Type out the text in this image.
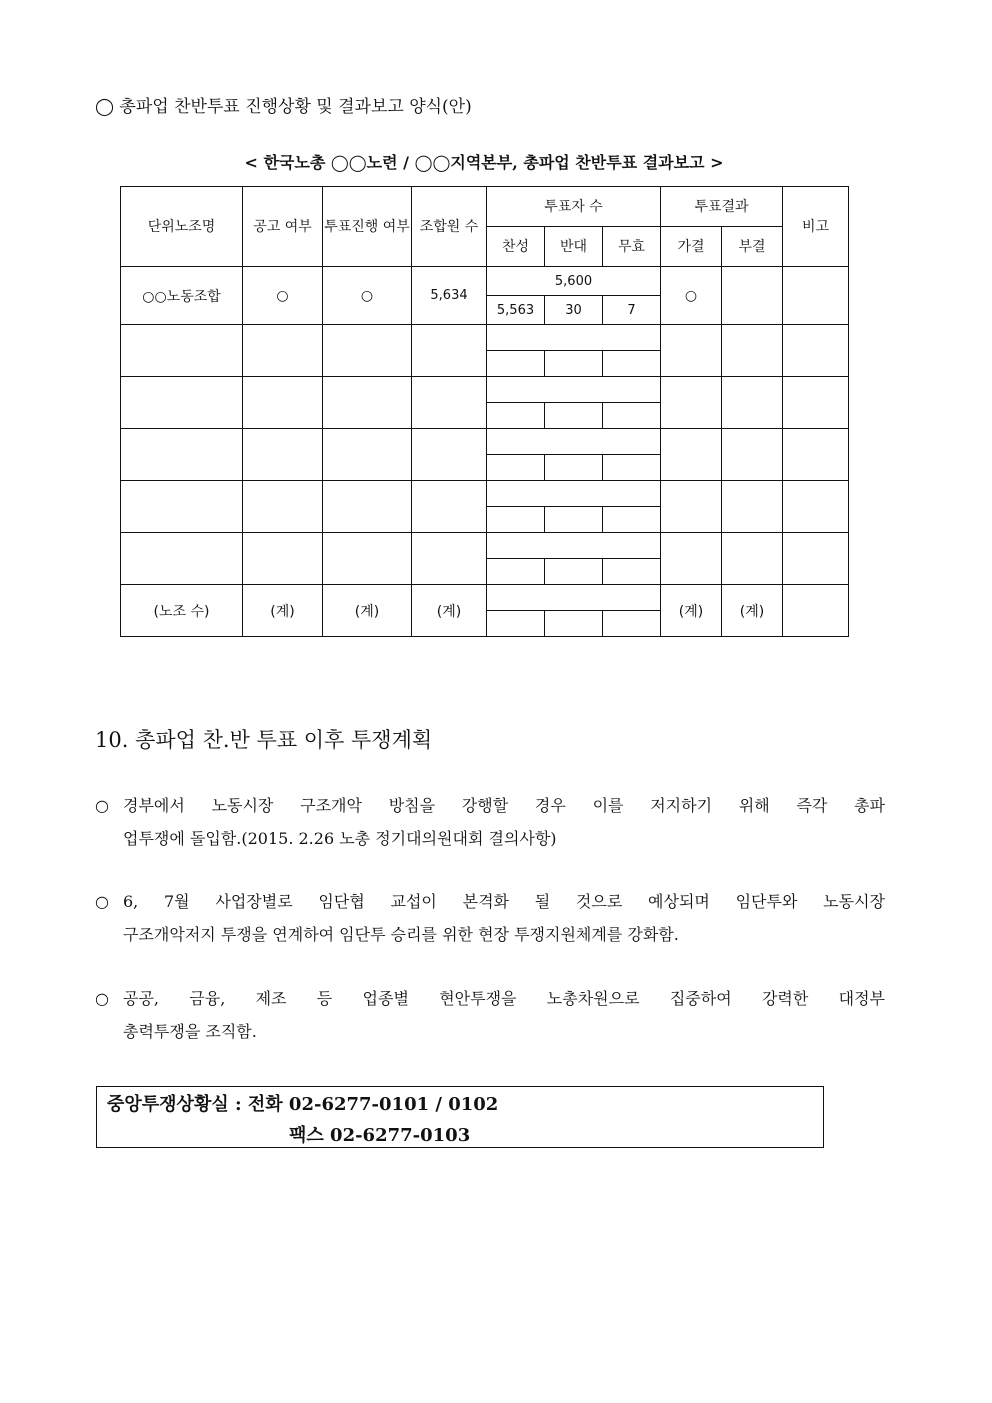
◯ 총파업 찬반투표 진행상황 및 결과보고 양식(안)
< 한국노총 ◯◯노련 / ◯◯지역본부, 총파업 찬반투표 결과보고 >
단위노조명	공고 여부	투표진행 여부	조합원 수	투표자 수			투표결과		비고
				찬성	반대	무효	가결	부결	
○○노동조합	○	○	5,634	5,600			○		
				5,563	30	7			

(노조 수)	(계)	(계)	(계)				(계)	(계)	

10. 총파업 찬.반 투표 이후 투쟁계획
○ 경부에서 노동시장 구조개악 방침을 강행할 경우 이를 저지하기 위해 즉각 총파
업투쟁에 돌입함.(2015. 2.26 노총 정기대의원대회 결의사항)
○ 6, 7월 사업장별로 임단협 교섭이 본격화 될 것으로 예상되며 임단투와 노동시장
구조개악저지 투쟁을 연계하여 임단투 승리를 위한 현장 투쟁지원체계를 강화함.
○ 공공, 금융, 제조 등 업종별 현안투쟁을 노총차원으로 집중하여 강력한 대정부
총력투쟁을 조직함.
중앙투쟁상황실 : 전화 02-6277-0101 / 0102
팩스 02-6277-0103
